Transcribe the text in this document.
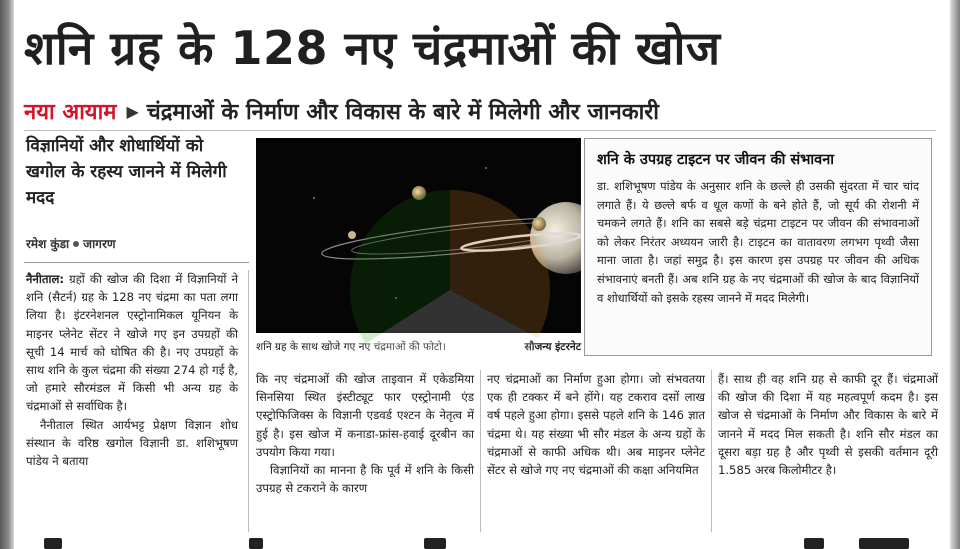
शनि ग्रह के 128 नए चंद्रमाओं की खोज
नया आयाम ▶ चंद्रमाओं के निर्माण और विकास के बारे में मिलेगी और जानकारी
विज्ञानियों और शोधार्थियों को खगोल के रहस्य जानने में मिलेगी मदद
रमेश कुंडा जागरण

नैनीताल: ग्रहों की खोज की दिशा में विज्ञानियों ने शनि (सैटर्न) ग्रह के 128 नए चंद्रमा का पता लगा लिया है। इंटरनेशनल एस्ट्रोनामिकल यूनियन के माइनर प्लेनेट सेंटर ने खोजे गए इन उपग्रहों की सूची 14 मार्च को घोषित की है। नए उपग्रहों के साथ शनि के कुल चंद्रमा की संख्या 274 हो गई है, जो हमारे सौरमंडल में किसी भी अन्य ग्रह के चंद्रमाओं से सर्वाधिक है।

नैनीताल स्थित आर्यभट्ट प्रेक्षण विज्ञान शोध संस्थान के वरिष्ठ खगोल विज्ञानी डा. शशिभूषण पांडेय ने बताया

शनि ग्रह के साथ खोजे गए नए चंद्रमाओं की फोटो।	सौजन्य इंटरनेट
शनि के उपग्रह टाइटन पर जीवन की संभावना
डा. शशिभूषण पांडेय के अनुसार शनि के छल्ले ही उसकी सुंदरता में चार चांद लगाते हैं। ये छल्ले बर्फ व धूल कणों के बने होते हैं, जो सूर्य की रोशनी में चमकने लगते हैं। शनि का सबसे बड़े चंद्रमा टाइटन पर जीवन की संभावनाओं को लेकर निरंतर अध्ययन जारी है। टाइटन का वातावरण लगभग पृथ्वी जैसा माना जाता है। जहां समुद्र है। इस कारण इस उपग्रह पर जीवन की अधिक संभावनाएं बनती हैं। अब शनि ग्रह के नए चंद्रमाओं की खोज के बाद विज्ञानियों व शोधार्थियों को इसके रहस्य जानने में मदद मिलेगी।

कि नए चंद्रमाओं की खोज ताइवान में एकेडमिया सिनसिया स्थित इंस्टीट्यूट फार एस्ट्रोनामी एंड एस्ट्रोफिजिक्स के विज्ञानी एडवर्ड एश्टन के नेतृत्व में हुई है। इस खोज में कनाडा-फ्रांस-हवाई दूरबीन का उपयोग किया गया।

विज्ञानियों का मानना है कि पूर्व में शनि के किसी उपग्रह से टकराने के कारण

नए चंद्रमाओं का निर्माण हुआ होगा। जो संभवतया एक ही टक्कर में बने होंगे। यह टकराव दसों लाख वर्ष पहले हुआ होगा। इससे पहले शनि के 146 ज्ञात चंद्रमा थे। यह संख्या भी सौर मंडल के अन्य ग्रहों के चंद्रमाओं से काफी अधिक थी। अब माइनर प्लेनेट सेंटर से खोजे गए नए चंद्रमाओं की कक्षा अनियमित

हैं। साथ ही वह शनि ग्रह से काफी दूर हैं। चंद्रमाओं की खोज की दिशा में यह महत्वपूर्ण कदम है। इस खोज से चंद्रमाओं के निर्माण और विकास के बारे में जानने में मदद मिल सकती है। शनि सौर मंडल का दूसरा बड़ा ग्रह है और पृथ्वी से इसकी वर्तमान दूरी 1.585 अरब किलोमीटर है।
